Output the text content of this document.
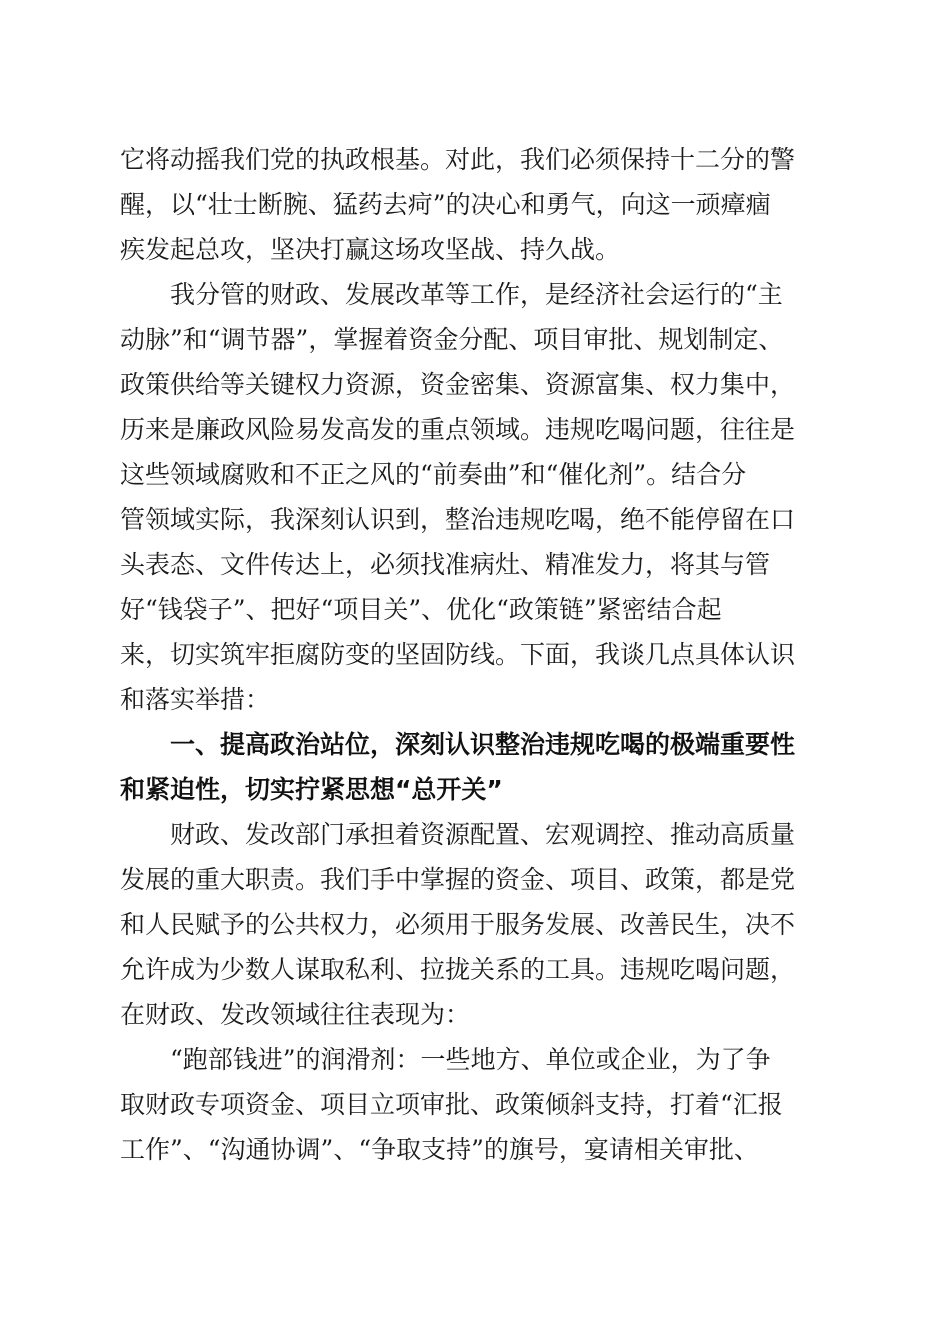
它将动摇我们党的执政根基。对此，我们必须保持十二分的警

醒，以“壮士断腕、猛药去疴”的决心和勇气，向这一顽瘴痼

疾发起总攻，坚决打赢这场攻坚战、持久战。

我分管的财政、发展改革等工作，是经济社会运行的“主

动脉”和“调节器”，掌握着资金分配、项目审批、规划制定、

政策供给等关键权力资源，资金密集、资源富集、权力集中，

历来是廉政风险易发高发的重点领域。违规吃喝问题，往往是

这些领域腐败和不正之风的“前奏曲”和“催化剂”。结合分

管领域实际，我深刻认识到，整治违规吃喝，绝不能停留在口

头表态、文件传达上，必须找准病灶、精准发力，将其与管

好“钱袋子”、把好“项目关”、优化“政策链”紧密结合起

来，切实筑牢拒腐防变的坚固防线。下面，我谈几点具体认识

和落实举措：

一、提高政治站位，深刻认识整治违规吃喝的极端重要性

和紧迫性，切实拧紧思想“总开关”

财政、发改部门承担着资源配置、宏观调控、推动高质量

发展的重大职责。我们手中掌握的资金、项目、政策，都是党

和人民赋予的公共权力，必须用于服务发展、改善民生，决不

允许成为少数人谋取私利、拉拢关系的工具。违规吃喝问题，

在财政、发改领域往往表现为：

“跑部钱进”的润滑剂：一些地方、单位或企业，为了争

取财政专项资金、项目立项审批、政策倾斜支持，打着“汇报

工作”、“沟通协调”、“争取支持”的旗号，宴请相关审批、
